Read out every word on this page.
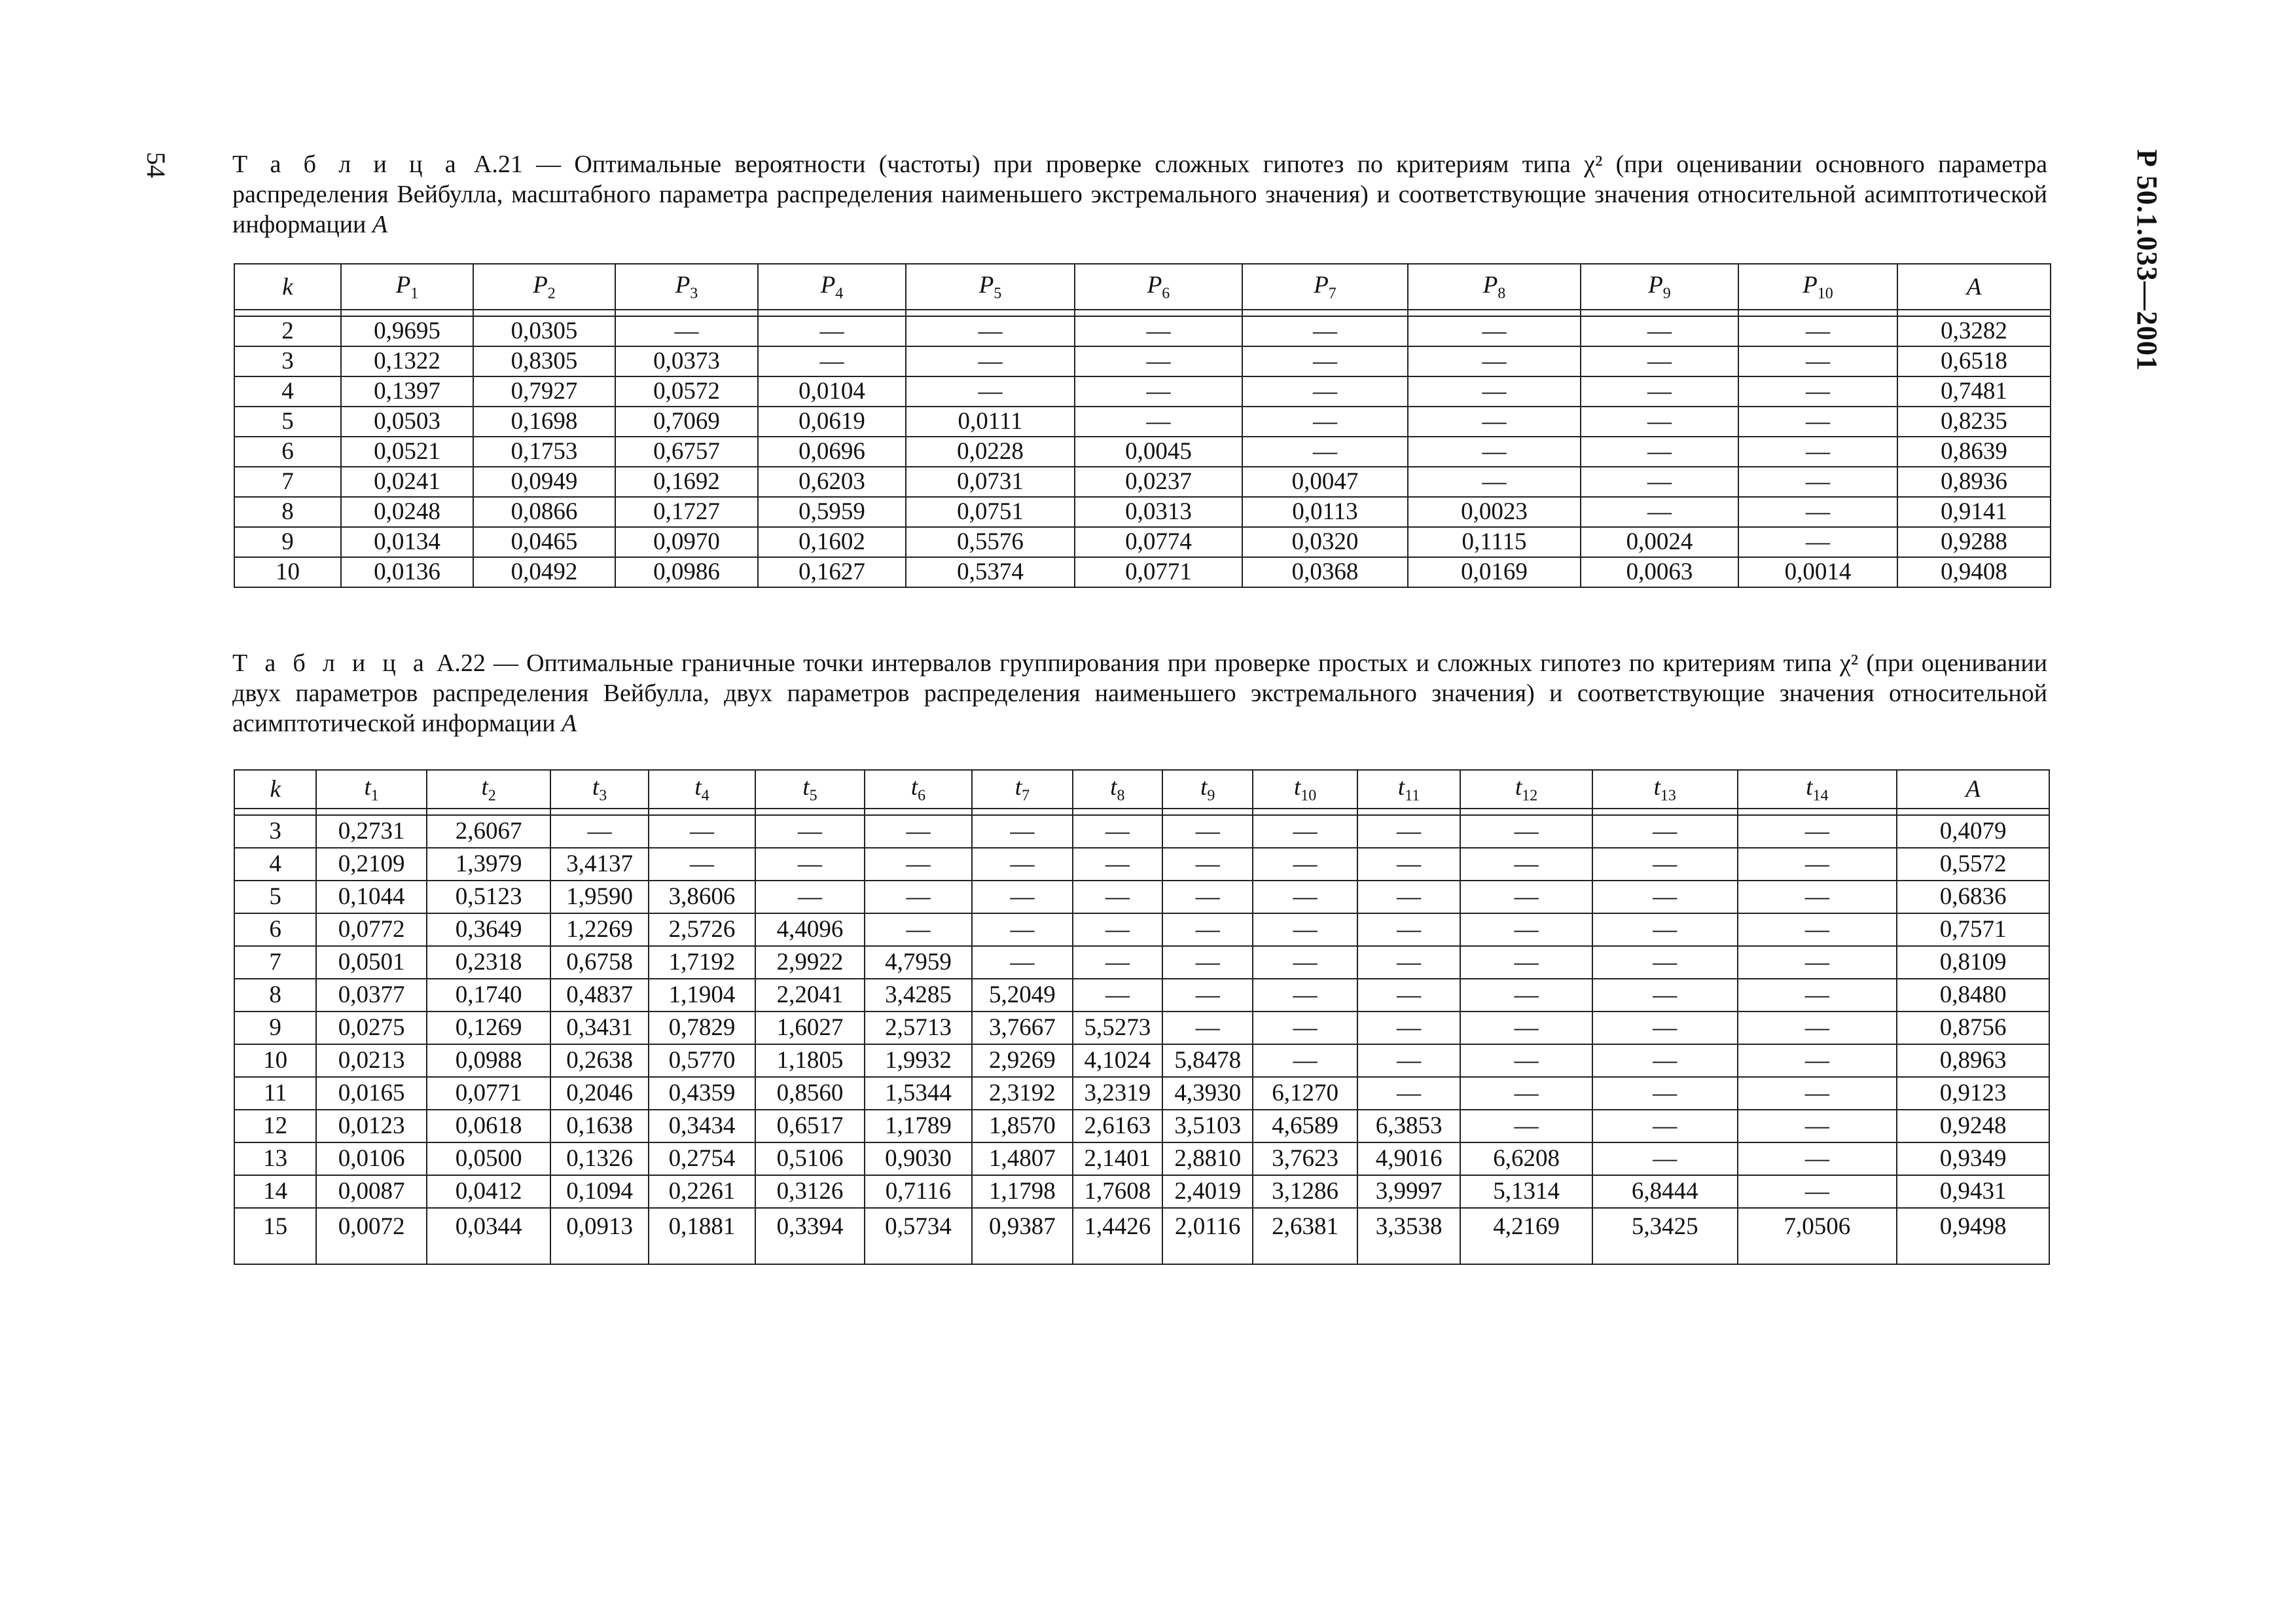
54	Р 50.1.033—2001
Т а б л и ц а А.21 — Оптимальные вероятности (частоты) при проверке сложных гипотез по критериям типа χ² (при оценивании основного параметра распределения Вейбулла, масштабного параметра распределения наименьшего экстремального значения) и соответствующие значения относительной асимптотической информации A
k	$P_1$	$P_2$	$P_3$	$P_4$	$P_5$	$P_6$	$P_7$	$P_8$	$P_9$	$P_{10}$	A

2	0,9695	0,0305	—	—	—	—	—	—	—	—	0,3282
3	0,1322	0,8305	0,0373	—	—	—	—	—	—	—	0,6518
4	0,1397	0,7927	0,0572	0,0104	—	—	—	—	—	—	0,7481
5	0,0503	0,1698	0,7069	0,0619	0,0111	—	—	—	—	—	0,8235
6	0,0521	0,1753	0,6757	0,0696	0,0228	0,0045	—	—	—	—	0,8639
7	0,0241	0,0949	0,1692	0,6203	0,0731	0,0237	0,0047	—	—	—	0,8936
8	0,0248	0,0866	0,1727	0,5959	0,0751	0,0313	0,0113	0,0023	—	—	0,9141
9	0,0134	0,0465	0,0970	0,1602	0,5576	0,0774	0,0320	0,1115	0,0024	—	0,9288
10	0,0136	0,0492	0,0986	0,1627	0,5374	0,0771	0,0368	0,0169	0,0063	0,0014	0,9408
Т а б л и ц а А.22 — Оптимальные граничные точки интервалов группирования при проверке простых и сложных гипотез по критериям типа χ² (при оценивании двух параметров распределения Вейбулла, двух параметров распределения наименьшего экстремального значения) и соответствующие значения относительной асимптотической информации A
k	$t_1$	$t_2$	$t_3$	$t_4$	$t_5$	$t_6$	$t_7$	$t_8$	$t_9$	$t_{10}$	$t_{11}$	$t_{12}$	$t_{13}$	$t_{14}$	A

3	0,2731	2,6067	—	—	—	—	—	—	—	—	—	—	—	—	0,4079
4	0,2109	1,3979	3,4137	—	—	—	—	—	—	—	—	—	—	—	0,5572
5	0,1044	0,5123	1,9590	3,8606	—	—	—	—	—	—	—	—	—	—	0,6836
6	0,0772	0,3649	1,2269	2,5726	4,4096	—	—	—	—	—	—	—	—	—	0,7571
7	0,0501	0,2318	0,6758	1,7192	2,9922	4,7959	—	—	—	—	—	—	—	—	0,8109
8	0,0377	0,1740	0,4837	1,1904	2,2041	3,4285	5,2049	—	—	—	—	—	—	—	0,8480
9	0,0275	0,1269	0,3431	0,7829	1,6027	2,5713	3,7667	5,5273	—	—	—	—	—	—	0,8756
10	0,0213	0,0988	0,2638	0,5770	1,1805	1,9932	2,9269	4,1024	5,8478	—	—	—	—	—	0,8963
11	0,0165	0,0771	0,2046	0,4359	0,8560	1,5344	2,3192	3,2319	4,3930	6,1270	—	—	—	—	0,9123
12	0,0123	0,0618	0,1638	0,3434	0,6517	1,1789	1,8570	2,6163	3,5103	4,6589	6,3853	—	—	—	0,9248
13	0,0106	0,0500	0,1326	0,2754	0,5106	0,9030	1,4807	2,1401	2,8810	3,7623	4,9016	6,6208	—	—	0,9349
14	0,0087	0,0412	0,1094	0,2261	0,3126	0,7116	1,1798	1,7608	2,4019	3,1286	3,9997	5,1314	6,8444	—	0,9431
15	0,0072	0,0344	0,0913	0,1881	0,3394	0,5734	0,9387	1,4426	2,0116	2,6381	3,3538	4,2169	5,3425	7,0506	0,9498
